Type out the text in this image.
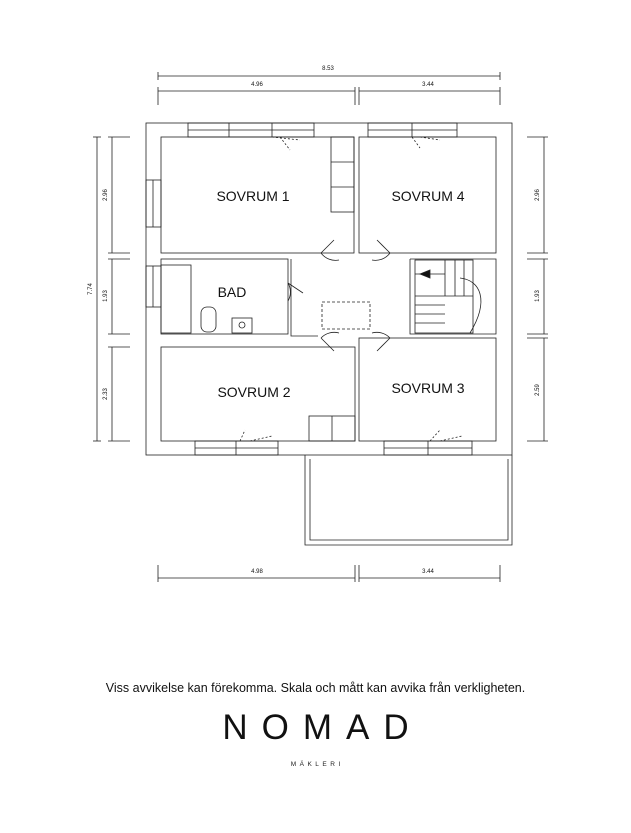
SOVRUM 1	SOVRUM 4
BAD
SOVRUM 2	SOVRUM 3
8.53
4.96	3.44
4.98	3.44
7.74
2.96
1.93
2.33
2.96
1.93
2.59
Viss avvikelse kan förekomma. Skala och mått kan avvika från verkligheten.
NOMAD
MÄKLERI
